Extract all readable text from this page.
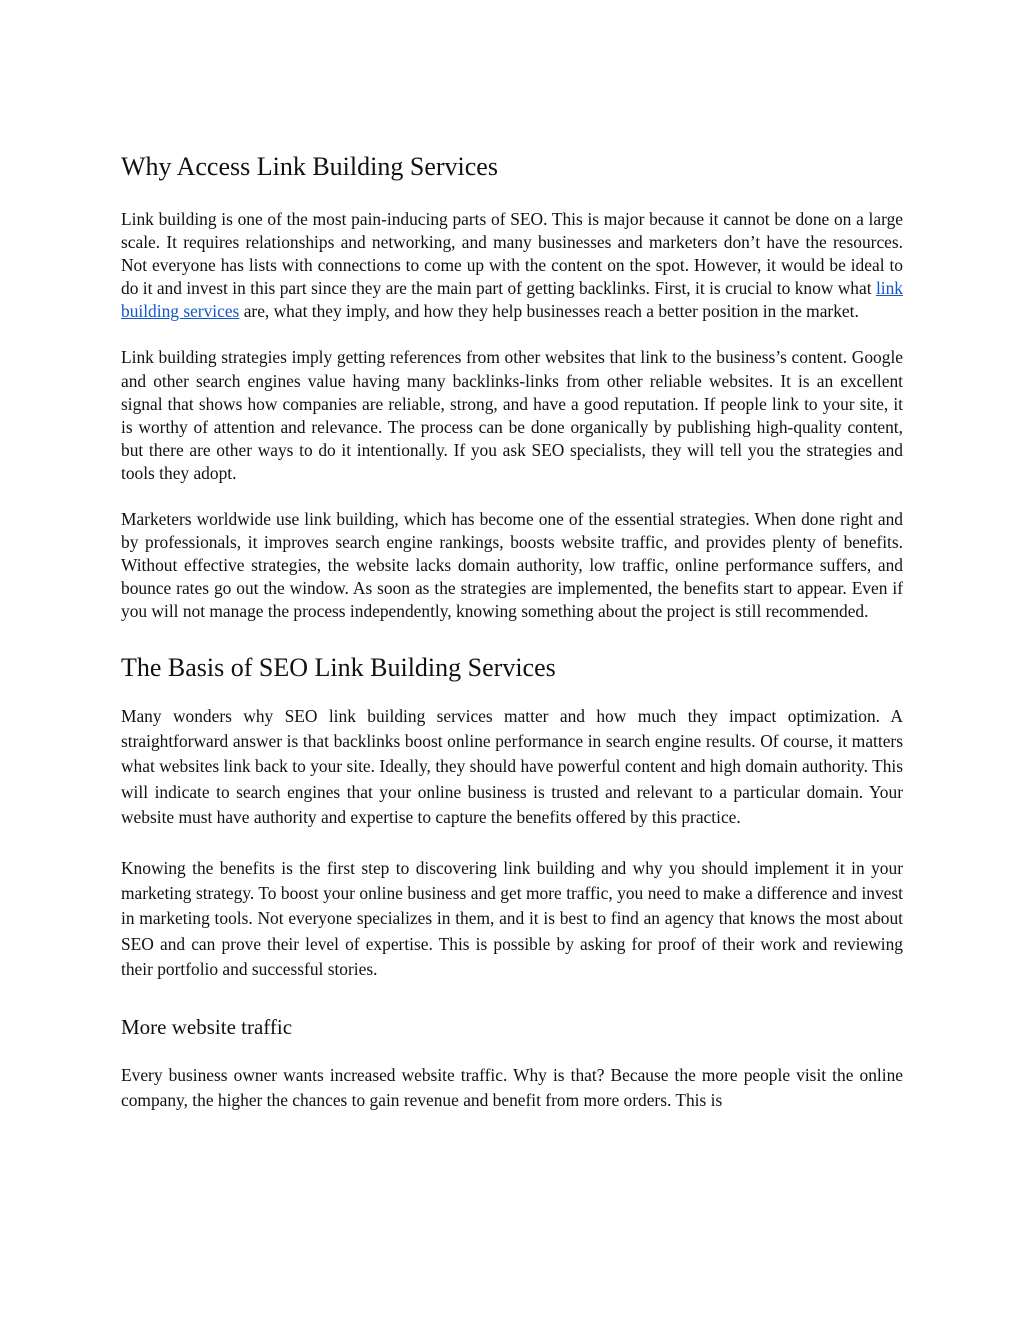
Why Access Link Building Services

Link building is one of the most pain-inducing parts of SEO. This is major because it cannot be done on a large scale. It requires relationships and networking, and many businesses and marketers don’t have the resources. Not everyone has lists with connections to come up with the content on the spot. However, it would be ideal to do it and invest in this part since they are the main part of getting backlinks. First, it is crucial to know what link building services are, what they imply, and how they help businesses reach a better position in the market.

Link building strategies imply getting references from other websites that link to the business’s content. Google and other search engines value having many backlinks-links from other reliable websites. It is an excellent signal that shows how companies are reliable, strong, and have a good reputation. If people link to your site, it is worthy of attention and relevance. The process can be done organically by publishing high-quality content, but there are other ways to do it intentionally. If you ask SEO specialists, they will tell you the strategies and tools they adopt.

Marketers worldwide use link building, which has become one of the essential strategies. When done right and by professionals, it improves search engine rankings, boosts website traffic, and provides plenty of benefits. Without effective strategies, the website lacks domain authority, low traffic, online performance suffers, and bounce rates go out the window. As soon as the strategies are implemented, the benefits start to appear. Even if you will not manage the process independently, knowing something about the project is still recommended.

The Basis of SEO Link Building Services

Many wonders why SEO link building services matter and how much they impact optimization. A straightforward answer is that backlinks boost online performance in search engine results. Of course, it matters what websites link back to your site. Ideally, they should have powerful content and high domain authority. This will indicate to search engines that your online business is trusted and relevant to a particular domain. Your website must have authority and expertise to capture the benefits offered by this practice.

Knowing the benefits is the first step to discovering link building and why you should implement it in your marketing strategy. To boost your online business and get more traffic, you need to make a difference and invest in marketing tools. Not everyone specializes in them, and it is best to find an agency that knows the most about SEO and can prove their level of expertise. This is possible by asking for proof of their work and reviewing their portfolio and successful stories.

More website traffic

Every business owner wants increased website traffic. Why is that? Because the more people visit the online company, the higher the chances to gain revenue and benefit from more orders. This is
